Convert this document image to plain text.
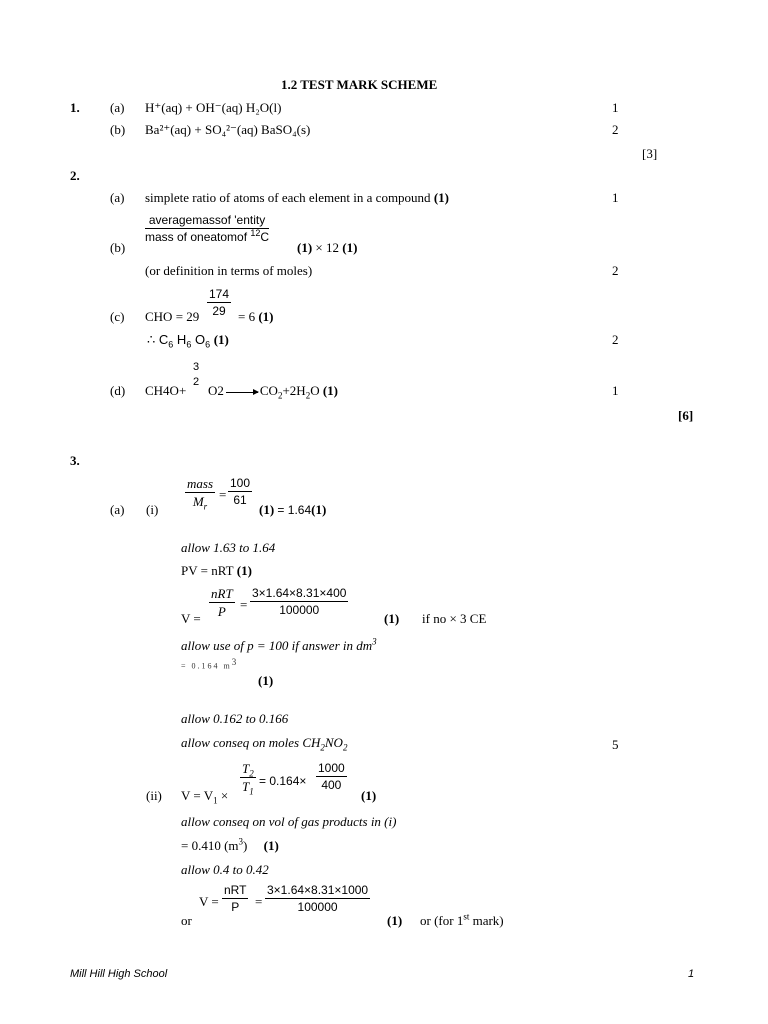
1.2 TEST MARK SCHEME
1. (a) H⁺(aq) + OH⁻(aq) H₂O(l)	1
(b) Ba²⁺(aq) + SO₄²⁻(aq) BaSO₄(s)	2
[3]
2.
(a) simplete ratio of atoms of each element in a compound (1)	1
(b)
averagemassof 'entity
mass of oneatomof $^{12}$C
(1) × 12 (1)
(or definition in terms of moles)	2
(c) CHO = $29 \frac{174}{29} = 6$ (1)
∴ $C_6$ $H_6$ $O_6$ (1)	2
(d) CH4O+
3
2
$O2 \to CO_2+2H_2O$ (1)	1
[6]
3.
(a) (i)
mass
$M_r$
= $\frac{100}{61}$
(1) = 1.64(1)
allow 1.63 to 1.64
PV = nRT (1)
V =
nRT
P	= $\frac{3\times 1.64\times 8.31\times 400}{100000}$
(1) if no × 3 CE
allow use of p = 100 if answer in $dm^3$
= 0.164 $m^3$
(1)
allow 0.162 to 0.166
allow conseq on moles $CH_2NO_2$	5
(ii) $V = V_1$ ×
$\frac{T_2}{T_1} = 0.164\times \frac{1000}{400}$
(1)
allow conseq on vol of gas products in (i)
= 0.410 $(m^3)$ (1)
allow 0.4 to 0.42
or
V =
nRT
P	= $\frac{3\times 1.64\times 8.31\times 1000}{100000}$
(1) or (for 1st mark)
Mill Hill High School	1
